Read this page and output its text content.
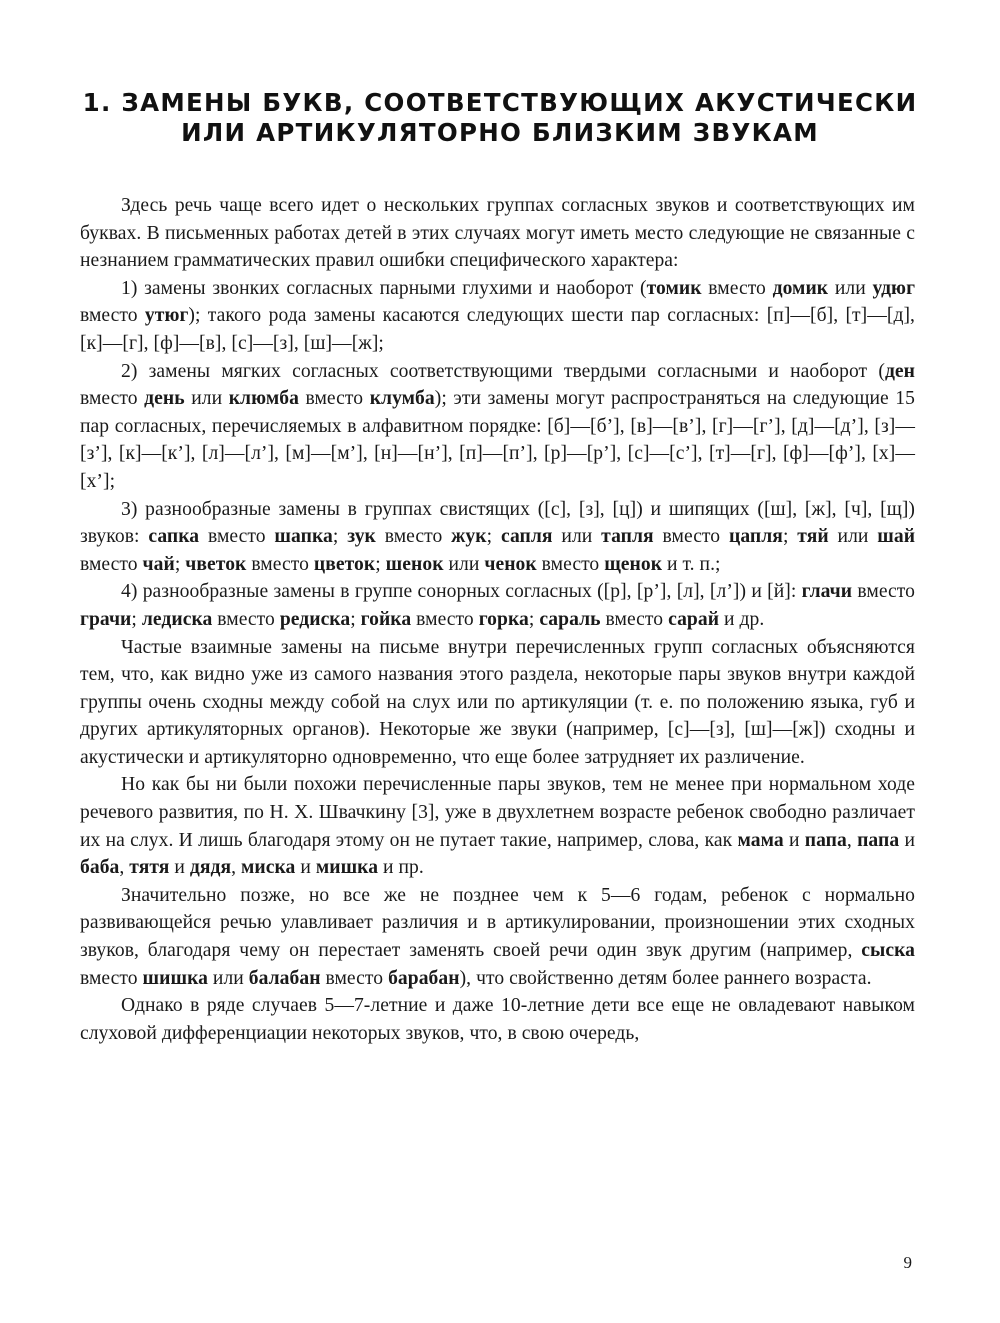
1. ЗАМЕНЫ БУКВ, СООТВЕТСТВУЮЩИХ АКУСТИЧЕСКИ
ИЛИ АРТИКУЛЯТОРНО БЛИЗКИМ ЗВУКАМ

Здесь речь чаще всего идет о нескольких группах согласных звуков и соответствующих им буквах. В письменных работах детей в этих случаях могут иметь место следующие не связанные с незнанием грамматических правил ошибки специфического характера:

1) замены звонких согласных парными глухими и наоборот (томик вместо домик или удюг вместо утюг); такого рода замены касаются следующих шести пар согласных: [п]—[б], [т]—[д], [к]—[г], [ф]—[в], [с]—[з], [ш]—[ж];

2) замены мягких согласных соответствующими твердыми согласными и наоборот (ден вместо день или клюмба вместо клумба); эти замены могут распространяться на следующие 15 пар согласных, перечисляемых в алфавитном порядке: [б]—[б’], [в]—[в’], [г]—[г’], [д]—[д’], [з]—[з’], [к]—[к’], [л]—[л’], [м]—[м’], [н]—[н’], [п]—[п’], [р]—[р’], [с]—[с’], [т]—[г], [ф]—[ф’], [х]—[х’];

3) разнообразные замены в группах свистящих ([с], [з], [ц]) и шипящих ([ш], [ж], [ч], [щ]) звуков: сапка вместо шапка; зук вместо жук; сапля или тапля вместо цапля; тяй или шай вместо чай; чветок вместо цветок; шенок или ченок вместо щенок и т. п.;

4) разнообразные замены в группе сонорных согласных ([р], [р’], [л], [л’]) и [й]: глачи вместо грачи; ледиска вместо редиска; гойка вместо горка; сараль вместо сарай и др.

Частые взаимные замены на письме внутри перечисленных групп согласных объясняются тем, что, как видно уже из самого названия этого раздела, некоторые пары звуков внутри каждой группы очень сходны между собой на слух или по артикуляции (т. е. по положению языка, губ и других артикуляторных органов). Некоторые же звуки (например, [с]—[з], [ш]—[ж]) сходны и акустически и артикуляторно одновременно, что еще более затрудняет их различение.

Но как бы ни были похожи перечисленные пары звуков, тем не менее при нормальном ходе речевого развития, по Н. Х. Швачкину [3], уже в двухлетнем возрасте ребенок свободно различает их на слух. И лишь благодаря этому он не путает такие, например, слова, как мама и папа, папа и баба, тятя и дядя, миска и мишка и пр.

Значительно позже, но все же не позднее чем к 5—6 годам, ребенок с нормально развивающейся речью улавливает различия и в артикулировании, произношении этих сходных звуков, благодаря чему он перестает заменять своей речи один звук другим (например, сыска вместо шишка или балабан вместо барабан), что свойственно детям более раннего возраста.

Однако в ряде случаев 5—7-летние и даже 10-летние дети все еще не овладевают навыком слуховой дифференциации некоторых звуков, что, в свою очередь,

9
